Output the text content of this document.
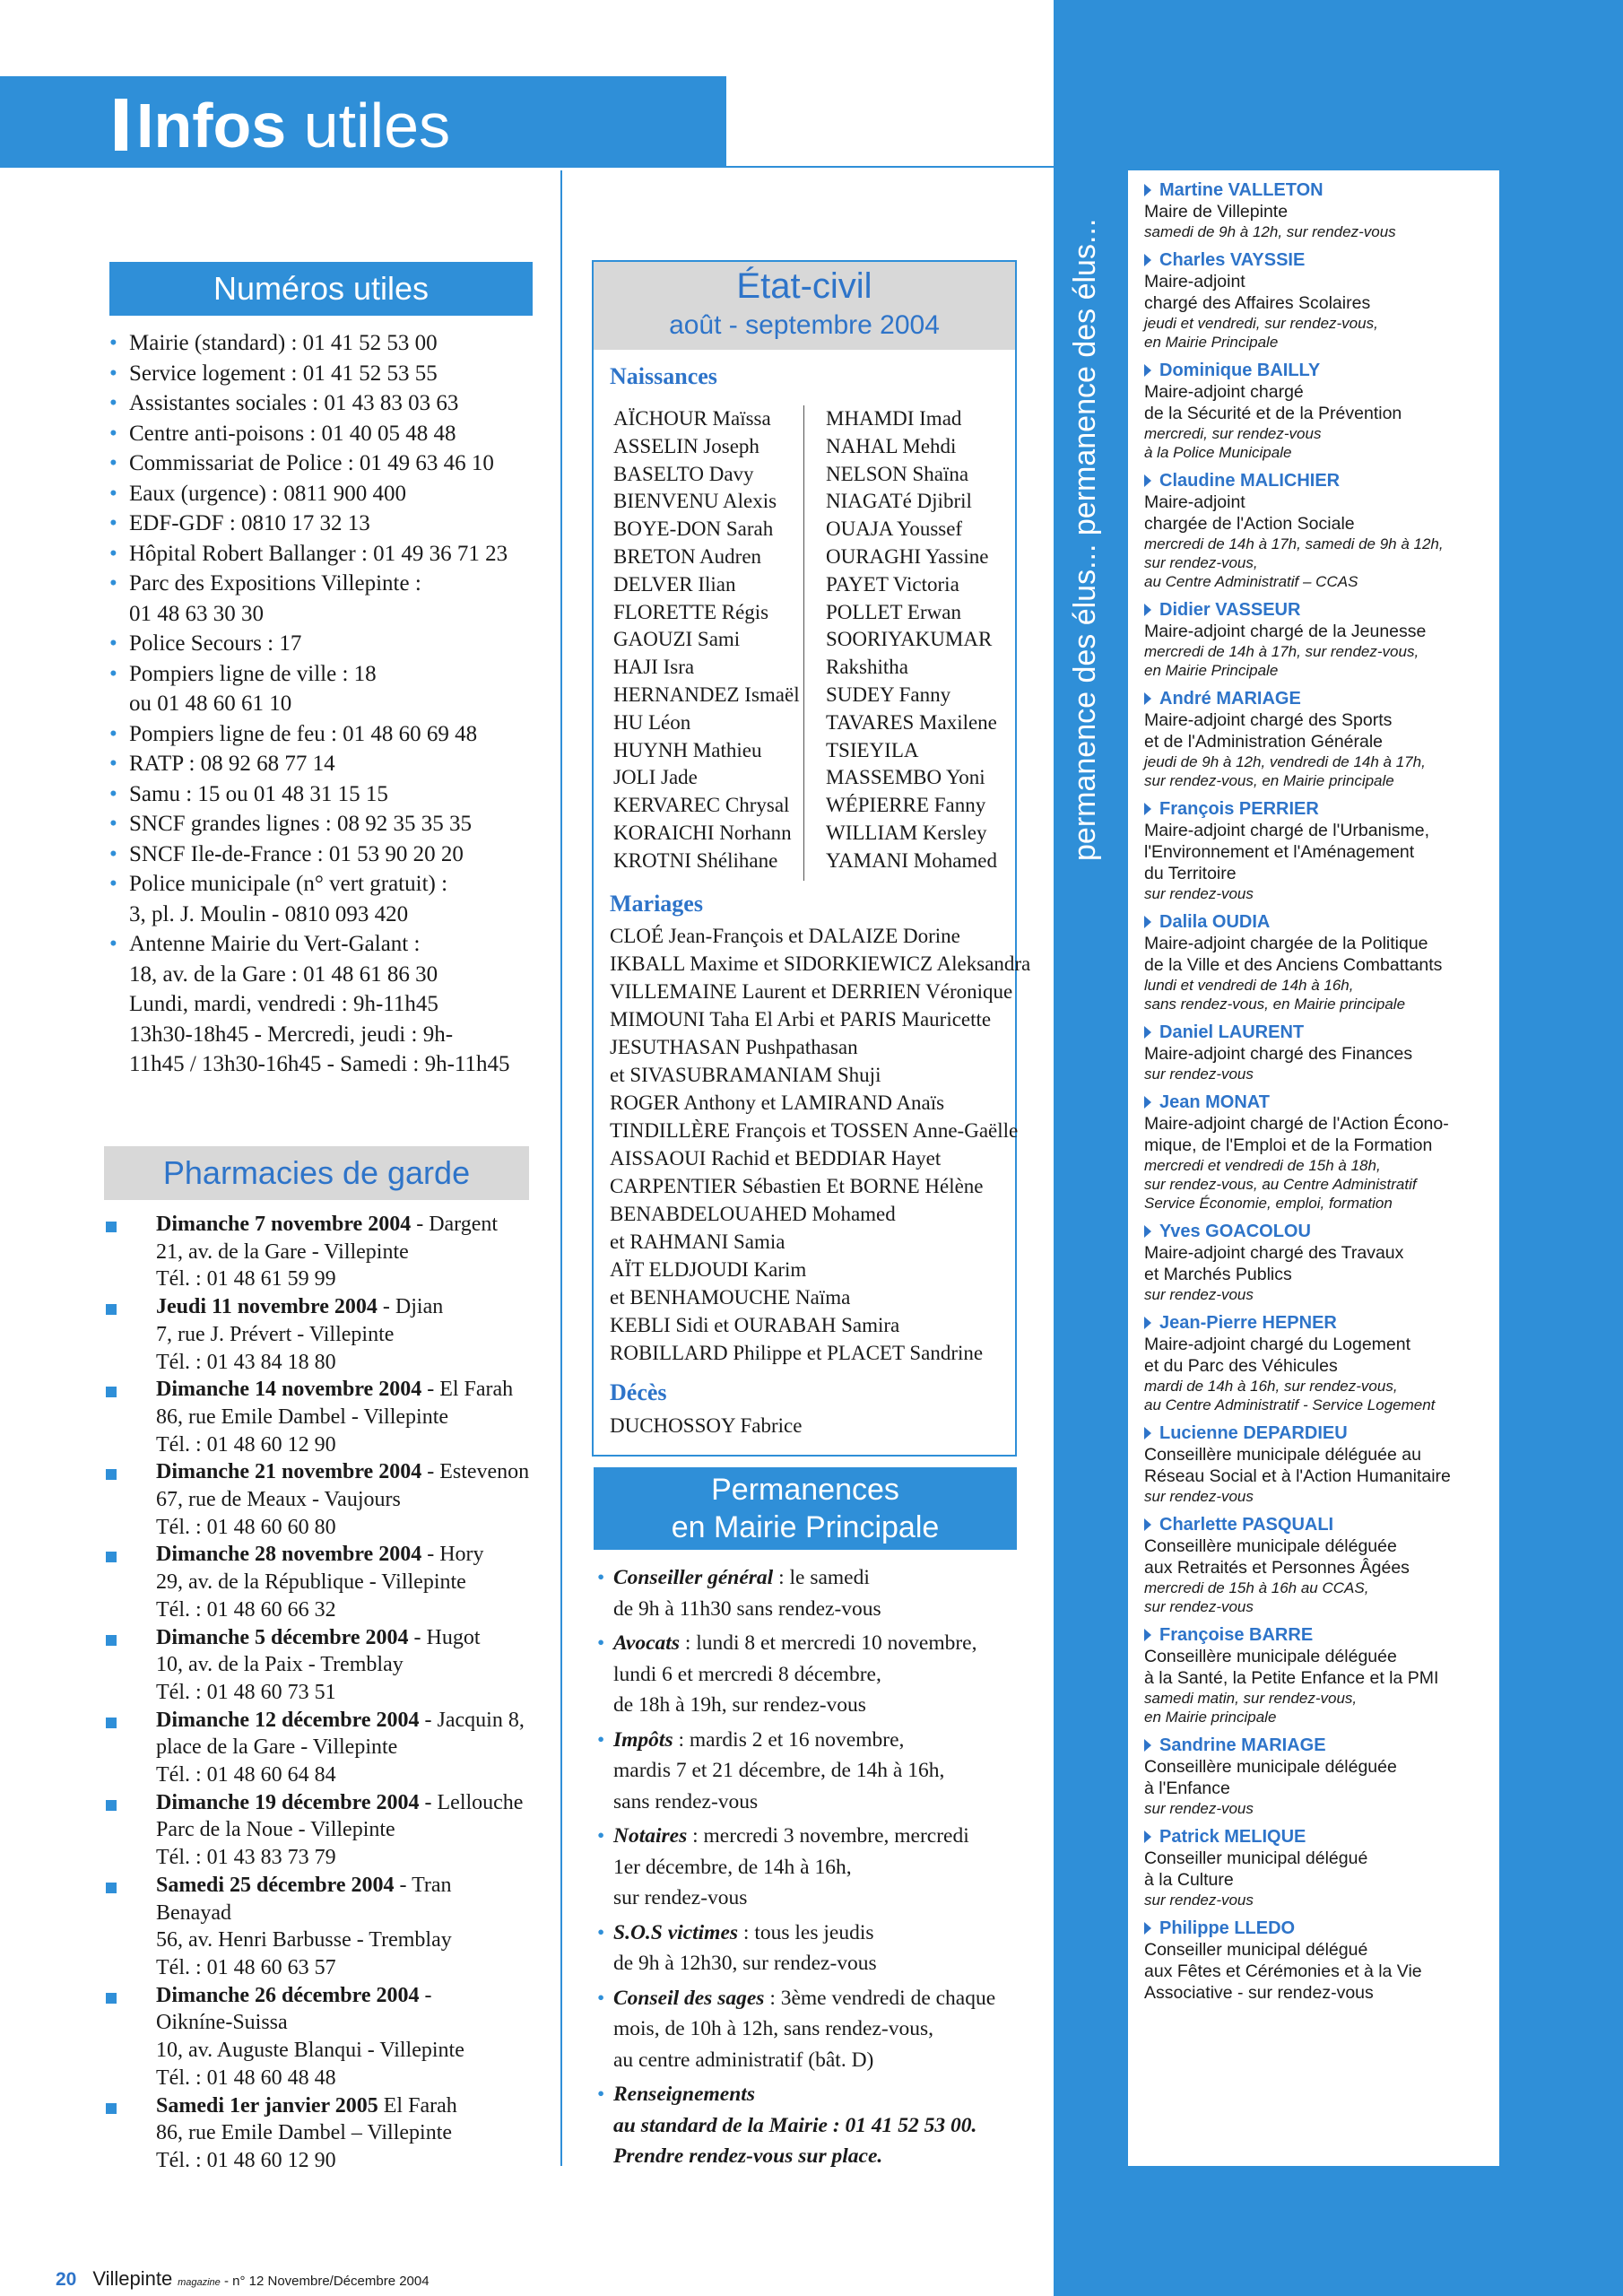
Infos utiles
Numéros utiles
• Mairie (standard) : 01 41 52 53 00
• Service logement : 01 41 52 53 55
• Assistantes sociales : 01 43 83 03 63
• Centre anti-poisons : 01 40 05 48 48
• Commissariat de Police : 01 49 63 46 10
• Eaux (urgence) : 0811 900 400
• EDF-GDF : 0810 17 32 13
• Hôpital Robert Ballanger : 01 49 36 71 23
• Parc des Expositions Villepinte :
01 48 63 30 30
• Police Secours : 17
• Pompiers ligne de ville : 18
ou 01 48 60 61 10
• Pompiers ligne de feu : 01 48 60 69 48
• RATP : 08 92 68 77 14
• Samu : 15 ou 01 48 31 15 15
• SNCF grandes lignes : 08 92 35 35 35
• SNCF Ile-de-France : 01 53 90 20 20
• Police municipale (n° vert gratuit) :
3, pl. J. Moulin - 0810 093 420
• Antenne Mairie du Vert-Galant :
18, av. de la Gare : 01 48 61 86 30
Lundi, mardi, vendredi : 9h-11h45
13h30-18h45 - Mercredi, jeudi : 9h-
11h45 / 13h30-16h45 - Samedi : 9h-11h45
Pharmacies de garde
Dimanche 7 novembre 2004 - Dargent
21, av. de la Gare - Villepinte
Tél. : 01 48 61 59 99
Jeudi 11 novembre 2004 - Djian
7, rue J. Prévert - Villepinte
Tél. : 01 43 84 18 80
Dimanche 14 novembre 2004 - El Farah
86, rue Emile Dambel - Villepinte
Tél. : 01 48 60 12 90
Dimanche 21 novembre 2004 - Estevenon
67, rue de Meaux - Vaujours
Tél. : 01 48 60 60 80
Dimanche 28 novembre 2004 - Hory
29, av. de la République - Villepinte
Tél. : 01 48 60 66 32
Dimanche 5 décembre 2004 - Hugot
10, av. de la Paix - Tremblay
Tél. : 01 48 60 73 51
Dimanche 12 décembre 2004 - Jacquin 8,
place de la Gare - Villepinte
Tél. : 01 48 60 64 84
Dimanche 19 décembre 2004 - Lellouche
Parc de la Noue - Villepinte
Tél. : 01 43 83 73 79
Samedi 25 décembre 2004 - Tran
Benayad
56, av. Henri Barbusse - Tremblay
Tél. : 01 48 60 63 57
Dimanche 26 décembre 2004 -
Oikníne-Suissa
10, av. Auguste Blanqui - Villepinte
Tél. : 01 48 60 48 48
Samedi 1er janvier 2005 El Farah
86, rue Emile Dambel – Villepinte
Tél. : 01 48 60 12 90
État-civil
août - septembre 2004
Naissances
AÏCHOUR Maïssa
ASSELIN Joseph
BASELTO Davy
BIENVENU Alexis
BOYE-DON Sarah
BRETON Audren
DELVER Ilian
FLORETTE Régis
GAOUZI Sami
HAJI Isra
HERNANDEZ Ismaël
HU Léon
HUYNH Mathieu
JOLI Jade
KERVAREC Chrysal
KORAICHI Norhann
KROTNI Shélihane
MHAMDI Imad
NAHAL Mehdi
NELSON Shaïna
NIAGATé Djibril
OUAJA Youssef
OURAGHI Yassine
PAYET Victoria
POLLET Erwan
SOORIYAKUMAR
Rakshitha
SUDEY Fanny
TAVARES Maxilene
TSIEYILA
MASSEMBO Yoni
WÉPIERRE Fanny
WILLIAM Kersley
YAMANI Mohamed
Mariages
CLOÉ Jean-François et DALAIZE Dorine
IKBALL Maxime et SIDORKIEWICZ Aleksandra
VILLEMAINE Laurent et DERRIEN Véronique
MIMOUNI Taha El Arbi et PARIS Mauricette
JESUTHASAN Pushpathasan
et SIVASUBRAMANIAM Shuji
ROGER Anthony et LAMIRAND Anaïs
TINDILLÈRE François et TOSSEN Anne-Gaëlle
AISSAOUI Rachid et BEDDIAR Hayet
CARPENTIER Sébastien Et BORNE Hélène
BENABDELOUAHED Mohamed
et RAHMANI Samia
AÏT ELDJOUDI Karim
et BENHAMOUCHE Naïma
KEBLI Sidi et OURABAH Samira
ROBILLARD Philippe et PLACET Sandrine
Décès
DUCHOSSOY Fabrice
Permanences
en Mairie Principale
• Conseiller général : le samedi
de 9h à 11h30 sans rendez-vous
• Avocats : lundi 8 et mercredi 10 novembre,
lundi 6 et mercredi 8 décembre,
de 18h à 19h, sur rendez-vous
• Impôts : mardis 2 et 16 novembre,
mardis 7 et 21 décembre, de 14h à 16h,
sans rendez-vous
• Notaires : mercredi 3 novembre, mercredi
1er décembre, de 14h à 16h,
sur rendez-vous
• S.O.S victimes : tous les jeudis
de 9h à 12h30, sur rendez-vous
• Conseil des sages : 3ème vendredi de chaque
mois, de 10h à 12h, sans rendez-vous,
au centre administratif (bât. D)
• Renseignements
au standard de la Mairie : 01 41 52 53 00.
Prendre rendez-vous sur place.
permanence des élus... permanence des élus...
Martine VALLETON
Maire de Villepinte
samedi de 9h à 12h, sur rendez-vous
Charles VAYSSIE
Maire-adjoint
chargé des Affaires Scolaires
jeudi et vendredi, sur rendez-vous,
en Mairie Principale
Dominique BAILLY
Maire-adjoint chargé
de la Sécurité et de la Prévention
mercredi, sur rendez-vous
à la Police Municipale
Claudine MALICHIER
Maire-adjoint
chargée de l'Action Sociale
mercredi de 14h à 17h, samedi de 9h à 12h,
sur rendez-vous,
au Centre Administratif – CCAS
Didier VASSEUR
Maire-adjoint chargé de la Jeunesse
mercredi de 14h à 17h, sur rendez-vous,
en Mairie Principale
André MARIAGE
Maire-adjoint chargé des Sports
et de l'Administration Générale
jeudi de 9h à 12h, vendredi de 14h à 17h,
sur rendez-vous, en Mairie principale
François PERRIER
Maire-adjoint chargé de l'Urbanisme,
l'Environnement et l'Aménagement
du Territoire
sur rendez-vous
Dalila OUDIA
Maire-adjoint chargée de la Politique
de la Ville et des Anciens Combattants
lundi et vendredi de 14h à 16h,
sans rendez-vous, en Mairie principale
Daniel LAURENT
Maire-adjoint chargé des Finances
sur rendez-vous
Jean MONAT
Maire-adjoint chargé de l'Action Écono-
mique, de l'Emploi et de la Formation
mercredi et vendredi de 15h à 18h,
sur rendez-vous, au Centre Administratif
Service Économie, emploi, formation
Yves GOACOLOU
Maire-adjoint chargé des Travaux
et Marchés Publics
sur rendez-vous
Jean-Pierre HEPNER
Maire-adjoint chargé du Logement
et du Parc des Véhicules
mardi de 14h à 16h, sur rendez-vous,
au Centre Administratif - Service Logement
Lucienne DEPARDIEU
Conseillère municipale déléguée au
Réseau Social et à l'Action Humanitaire
sur rendez-vous
Charlette PASQUALI
Conseillère municipale déléguée
aux Retraités et Personnes Âgées
mercredi de 15h à 16h au CCAS,
sur rendez-vous
Françoise BARRE
Conseillère municipale déléguée
à la Santé, la Petite Enfance et la PMI
samedi matin, sur rendez-vous,
en Mairie principale
Sandrine MARIAGE
Conseillère municipale déléguée
à l'Enfance
sur rendez-vous
Patrick MELIQUE
Conseiller municipal délégué
à la Culture
sur rendez-vous
Philippe LLEDO
Conseiller municipal délégué
aux Fêtes et Cérémonies et à la Vie
Associative - sur rendez-vous
20 Villepinte magazine - n° 12 Novembre/Décembre 2004
